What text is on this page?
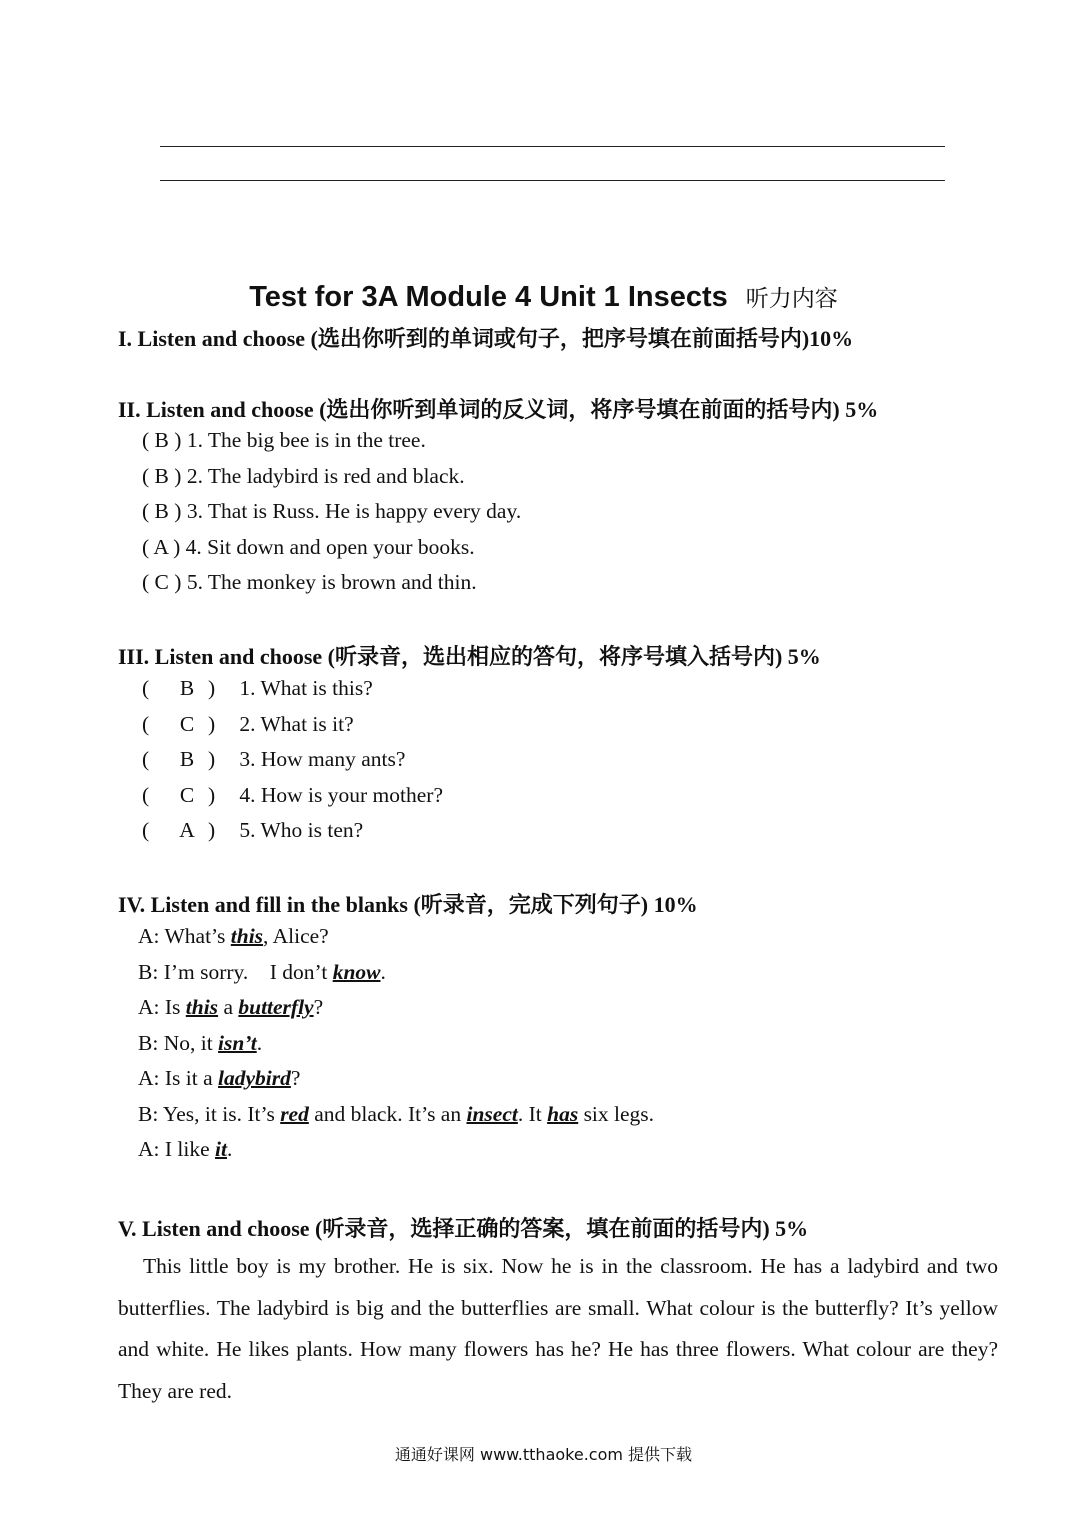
Test for 3A Module 4 Unit 1 Insects 听力内容
I. Listen and choose (选出你听到的单词或句子，把序号填在前面括号内)10%
II. Listen and choose (选出你听到单词的反义词，将序号填在前面的括号内) 5%
( B ) 1. The big bee is in the tree.
( B ) 2. The ladybird is red and black.
( B ) 3. That is Russ. He is happy every day.
( A ) 4. Sit down and open your books.
( C ) 5. The monkey is brown and thin.
III. Listen and choose (听录音，选出相应的答句，将序号填入括号内) 5%
( B ) 1. What is this?
( C ) 2. What is it?
( B ) 3. How many ants?
( C ) 4. How is your mother?
( A ) 5. Who is ten?
IV. Listen and fill in the blanks (听录音，完成下列句子) 10%
A: What’s this, Alice?
B: I’m sorry.    I don’t know.
A: Is this a butterfly?
B: No, it isn’t.
A: Is it a ladybird?
B: Yes, it is. It’s red and black. It’s an insect. It has six legs.
A: I like it.
V. Listen and choose (听录音，选择正确的答案，填在前面的括号内) 5%
This little boy is my brother. He is six. Now he is in the classroom. He has a ladybird and two butterflies. The ladybird is big and the butterflies are small. What colour is the butterfly? It’s yellow and white. He likes plants. How many flowers has he? He has three flowers. What colour are they? They are red.
通通好课网 www.tthaoke.com 提供下载
